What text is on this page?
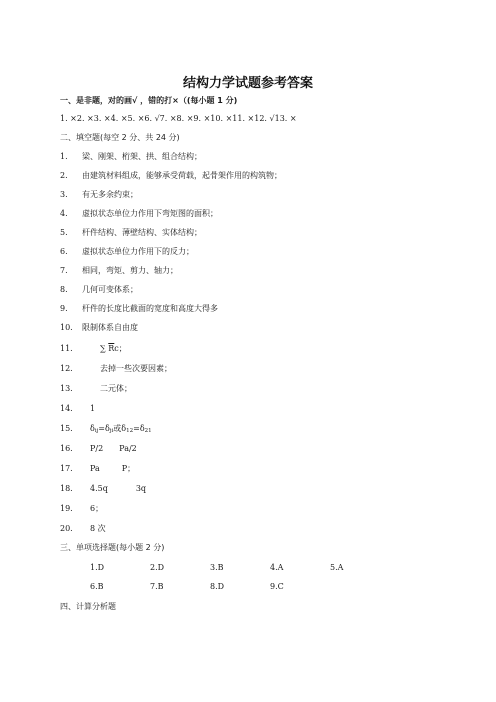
结构力学试题参考答案
一、是非题，对的画√ ，错的打×（(每小题 1 分)
1. ×2. ×3. ×4. ×5. ×6. √7. ×8. ×9. ×10. ×11. ×12. √13. ×
二、填空题(每空 2 分、共 24 分)
1. 梁、刚架、桁架、拱、组合结构；
2. 由建筑材料组成，能够承受荷载，起骨架作用的构筑物；
3. 有无多余约束；
4. 虚拟状态单位力作用下弯矩图的面积；
5. 杆件结构、薄壁结构、实体结构；
6. 虚拟状态单位力作用下的反力；
7. 相同，弯矩、剪力、轴力；
8. 几何可变体系；
9. 杆件的长度比截面的宽度和高度大得多
10. 限制体系自由度
11.	∑ $\overline{R}c$；
12.	去掉一些次要因素；
13.	二元体；
14. 1
15. δij=δji或δ12=δ21
16. P/2 Pa/2
17. Pa	P；
18. 4.5q	3q
19. 6；
20. 8 次
三、单项选择题(每小题 2 分)
1.D	2.D	3.B	4.A	5.A
6.B	7.B	8.D	9.C
四、计算分析题
